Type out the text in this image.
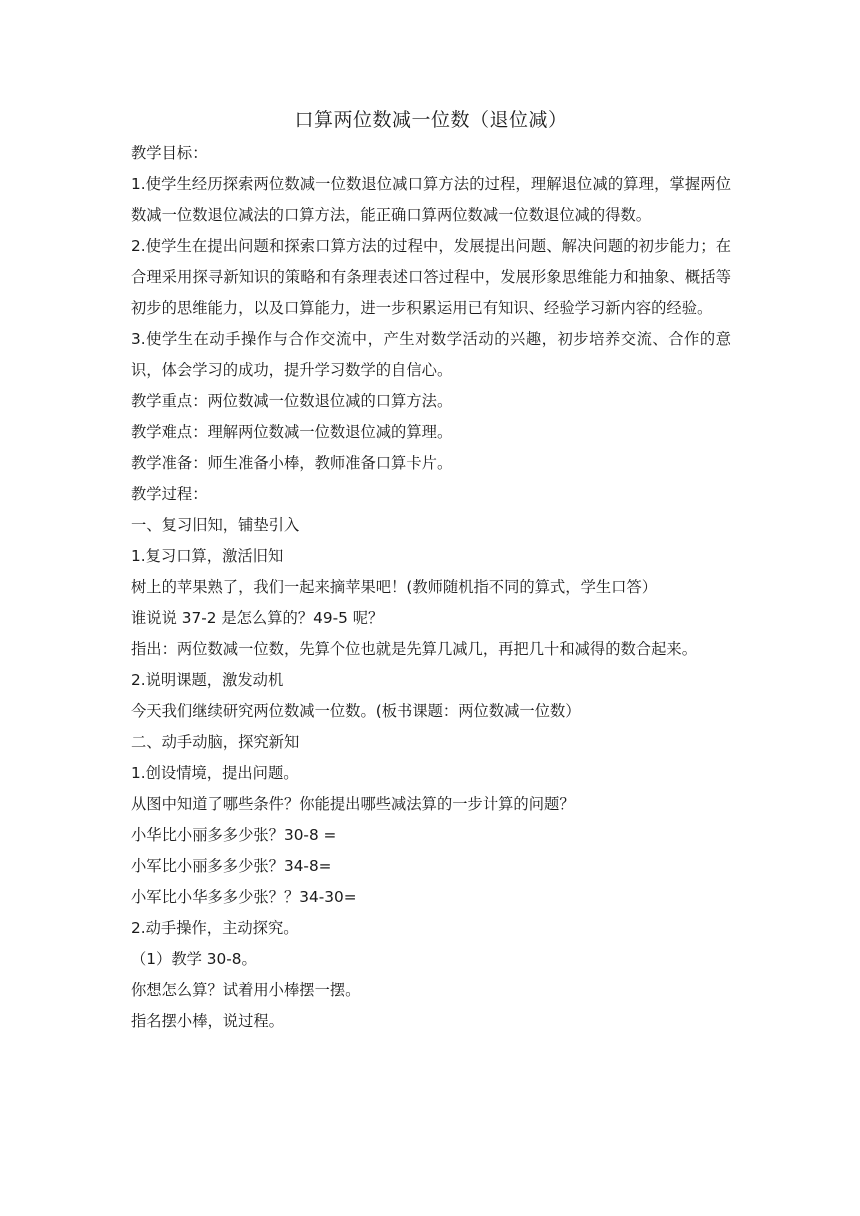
口算两位数减一位数（退位减）
教学目标：
1.使学生经历探索两位数减一位数退位减口算方法的过程，理解退位减的算理，掌握两位数减一位数退位减法的口算方法，能正确口算两位数减一位数退位减的得数。
2.使学生在提出问题和探索口算方法的过程中，发展提出问题、解决问题的初步能力；在合理采用探寻新知识的策略和有条理表述口答过程中，发展形象思维能力和抽象、概括等初步的思维能力，以及口算能力，进一步积累运用已有知识、经验学习新内容的经验。
3.使学生在动手操作与合作交流中，产生对数学活动的兴趣，初步培养交流、合作的意识，体会学习的成功，提升学习数学的自信心。
教学重点：两位数减一位数退位减的口算方法。
教学难点：理解两位数减一位数退位减的算理。
教学准备：师生准备小棒，教师准备口算卡片。
教学过程：
一、复习旧知，铺垫引入
1.复习口算，激活旧知
树上的苹果熟了，我们一起来摘苹果吧！(教师随机指不同的算式，学生口答）
谁说说 37-2 是怎么算的？49-5 呢？
指出：两位数减一位数，先算个位也就是先算几减几，再把几十和减得的数合起来。
2.说明课题，激发动机
今天我们继续研究两位数减一位数。(板书课题：两位数减一位数）
二、动手动脑，探究新知
1.创设情境，提出问题。
从图中知道了哪些条件？你能提出哪些减法算的一步计算的问题？
小华比小丽多多少张？30-8 =
小军比小丽多多少张？34-8=
小军比小华多多少张？？34-30=
2.动手操作，主动探究。
（1）教学 30-8。
你想怎么算？试着用小棒摆一摆。
指名摆小棒，说过程。
